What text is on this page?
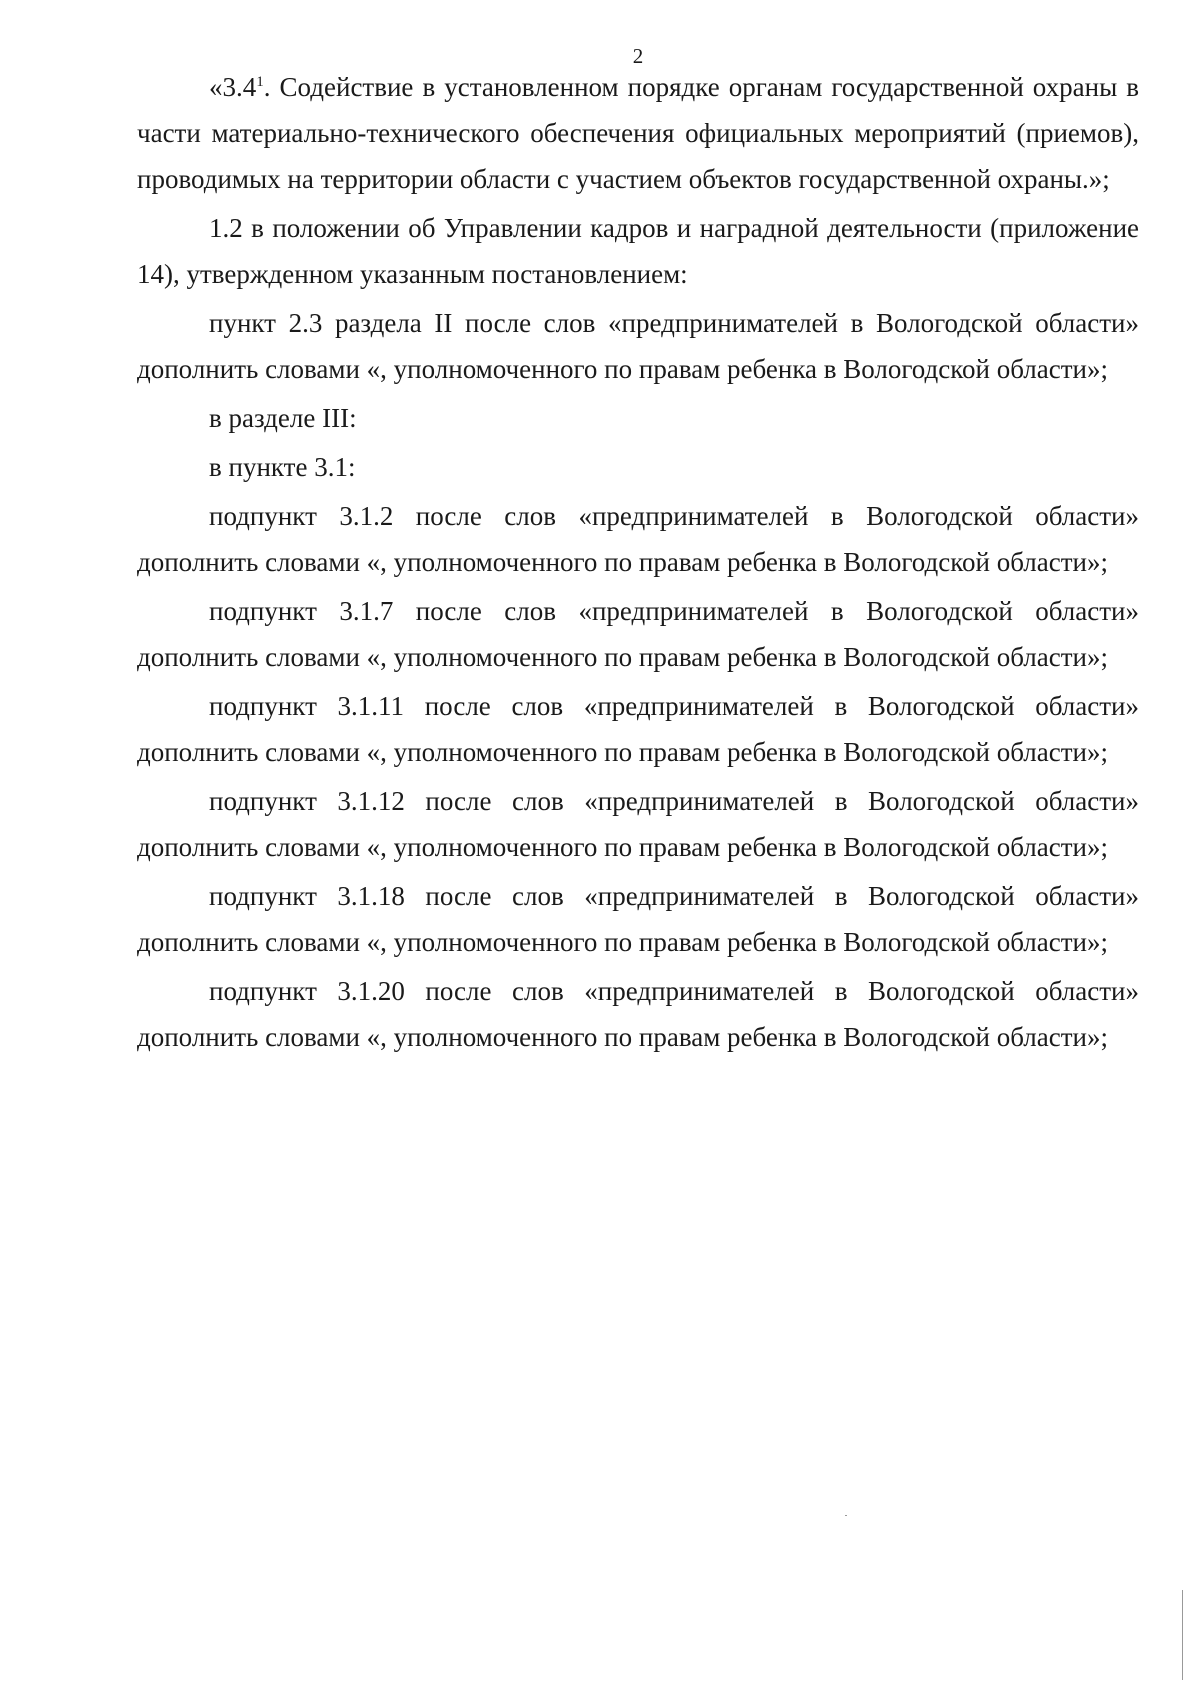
2

«$3.4^1$. Содействие в установленном порядке органам государственной охраны в части материально-технического обеспечения официальных мероприятий (приемов), проводимых на территории области с участием объектов государственной охраны.»;

1.2 в положении об Управлении кадров и наградной деятельности (приложение 14), утвержденном указанным постановлением:

пункт 2.3 раздела II после слов «предпринимателей в Вологодской области» дополнить словами «, уполномоченного по правам ребенка в Вологодской области»;

в разделе III:

в пункте 3.1:

подпункт 3.1.2 после слов «предпринимателей в Вологодской области» дополнить словами «, уполномоченного по правам ребенка в Вологодской области»;

подпункт 3.1.7 после слов «предпринимателей в Вологодской области» дополнить словами «, уполномоченного по правам ребенка в Вологодской области»;

подпункт 3.1.11 после слов «предпринимателей в Вологодской области» дополнить словами «, уполномоченного по правам ребенка в Вологодской области»;

подпункт 3.1.12 после слов «предпринимателей в Вологодской области» дополнить словами «, уполномоченного по правам ребенка в Вологодской области»;

подпункт 3.1.18 после слов «предпринимателей в Вологодской области» дополнить словами «, уполномоченного по правам ребенка в Вологодской области»;

подпункт 3.1.20 после слов «предпринимателей в Вологодской области» дополнить словами «, уполномоченного по правам ребенка в Вологодской области»;
